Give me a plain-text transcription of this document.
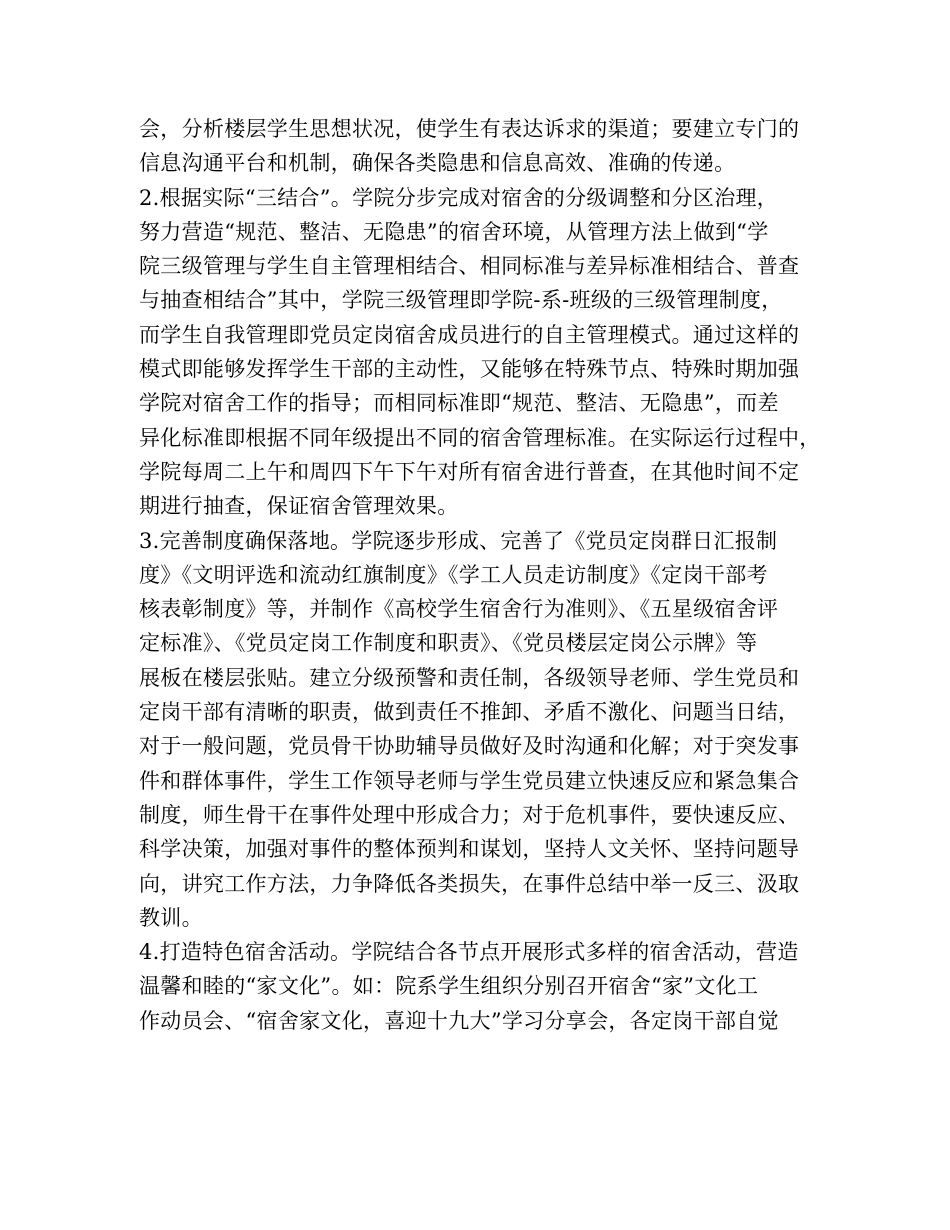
会，分析楼层学生思想状况，使学生有表达诉求的渠道；要建立专门的
信息沟通平台和机制，确保各类隐患和信息高效、准确的传递。
2.根据实际“三结合”。学院分步完成对宿舍的分级调整和分区治理，
努力营造“规范、整洁、无隐患”的宿舍环境，从管理方法上做到“学
院三级管理与学生自主管理相结合、相同标准与差异标准相结合、普查
与抽查相结合”其中，学院三级管理即学院-系-班级的三级管理制度，
而学生自我管理即党员定岗宿舍成员进行的自主管理模式。通过这样的
模式即能够发挥学生干部的主动性，又能够在特殊节点、特殊时期加强
学院对宿舍工作的指导；而相同标准即“规范、整洁、无隐患”，而差
异化标准即根据不同年级提出不同的宿舍管理标准。在实际运行过程中，
学院每周二上午和周四下午下午对所有宿舍进行普查，在其他时间不定
期进行抽查，保证宿舍管理效果。
3.完善制度确保落地。学院逐步形成、完善了《党员定岗群日汇报制
度》《文明评选和流动红旗制度》《学工人员走访制度》《定岗干部考
核表彰制度》等，并制作《高校学生宿舍行为准则》、《五星级宿舍评
定标准》、《党员定岗工作制度和职责》、《党员楼层定岗公示牌》等
展板在楼层张贴。建立分级预警和责任制，各级领导老师、学生党员和
定岗干部有清晰的职责，做到责任不推卸、矛盾不激化、问题当日结，
对于一般问题，党员骨干协助辅导员做好及时沟通和化解；对于突发事
件和群体事件，学生工作领导老师与学生党员建立快速反应和紧急集合
制度，师生骨干在事件处理中形成合力；对于危机事件，要快速反应、
科学决策，加强对事件的整体预判和谋划，坚持人文关怀、坚持问题导
向，讲究工作方法，力争降低各类损失，在事件总结中举一反三、汲取
教训。
4.打造特色宿舍活动。学院结合各节点开展形式多样的宿舍活动，营造
温馨和睦的“家文化”。如：院系学生组织分别召开宿舍“家”文化工
作动员会、“宿舍家文化，喜迎十九大”学习分享会，各定岗干部自觉
